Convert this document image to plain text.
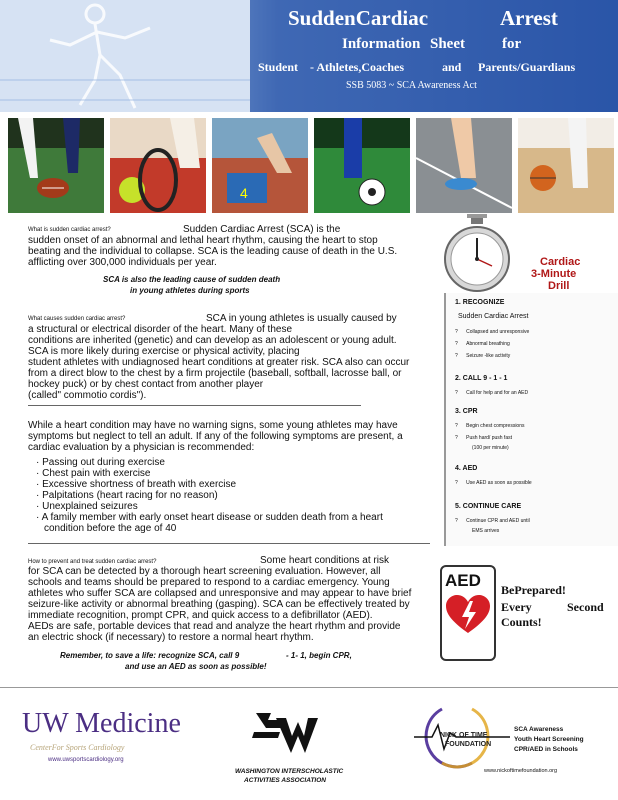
SuddenCardiac	Arrest
Information Sheet for
Student - Athletes,Coaches	and Parents/Guardians
SSB 5083 ~ SCA Awareness Act
4
What is sudden cardiac arrest?	Sudden Cardiac Arrest (SCA) is the
sudden onset of an abnormal and lethal heart rhythm, causing the heart to stop
beating and the individual to collapse. SCA is the leading cause of death in the U.S.
afflicting over 300,000 individuals per year.
SCA is also the leading cause of sudden death
in young athletes during sports
What causes sudden cardiac arrest?	SCA in young athletes is usually caused by
a structural or electrical disorder of the heart. Many of these
conditions are inherited (genetic) and can develop as an adolescent or young adult.
SCA is more likely during exercise or physical activity, placing
student athletes with undiagnosed heart conditions at greater risk. SCA also can occur
from a direct blow to the chest by a firm projectile (baseball, softball, lacrosse ball, or
hockey puck) or by chest contact from another player
(called" commotio cordis").
While a heart condition may have no warning signs, some young athletes may have
symptoms but neglect to tell an adult. If any of the following symptoms are present, a
cardiac evaluation by a physician is recommended:
· Passing out during exercise
· Chest pain with exercise
· Excessive shortness of breath with exercise
· Palpitations (heart racing for no reason)
· Unexplained seizures
· A family member with early onset heart disease or sudden death from a heart
condition before the age of 40
How to prevent and treat sudden cardiac arrest?	Some heart conditions at risk
for SCA can be detected by a thorough heart screening evaluation. However, all
schools and teams should be prepared to respond to a cardiac emergency. Young
athletes who suffer SCA are collapsed and unresponsive and may appear to have brief
seizure-like activity or abnormal breathing (gasping). SCA can be effectively treated by
immediate recognition, prompt CPR, and quick access to a defibrillator (AED).
AEDs are safe, portable devices that read and analyze the heart rhythm and provide
an electric shock (if necessary) to restore a normal heart rhythm.
Remember, to save a life: recognize SCA, call 9	- 1- 1, begin CPR,
and use an AED as soon as possible!
Cardiac
3-Minute
Drill
1. RECOGNIZE
Sudden Cardiac Arrest
? Collapsed and unresponsive
? Abnormal breathing
? Seizure -like activity
2. CALL 9 - 1 - 1
? Call for help and for an AED
3. CPR
? Begin chest compressions
? Push hard/ push fast
(100 per minute)
4. AED
? Use AED as soon as possible
5. CONTINUE CARE
? Continue CPR and AED until
EMS arrives
AED BePrepared!
Every	Second
Counts!
UW Medicine
CenterFor Sports Cardiology
www.uwsportscardiology.org
WASHINGTON INTERSCHOLASTIC
ACTIVITIES ASSOCIATION
NICK OF TIME
FOUNDATION
SCA Awareness
Youth Heart Screening
CPR/AED in Schools
www.nickoftimefoundation.org
